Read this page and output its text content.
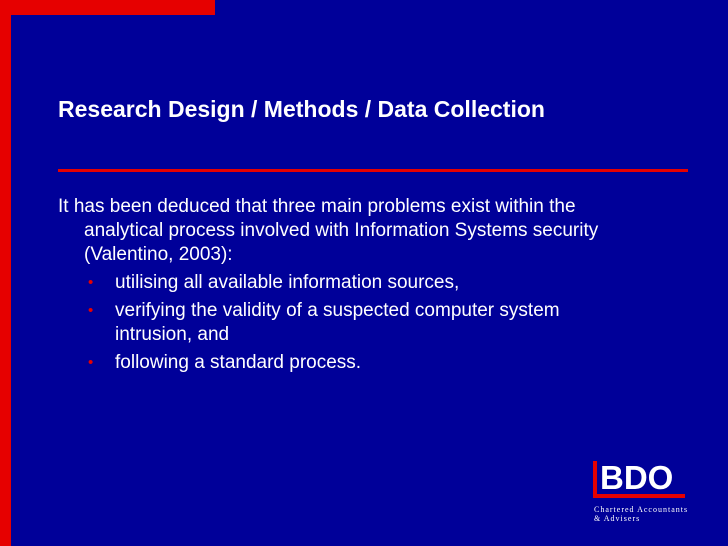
Research Design / Methods / Data Collection

It has been deduced that three main problems exist within the analytical process involved with Information Systems security (Valentino, 2003):

• utilising all available information sources,
• verifying the validity of a suspected computer system intrusion, and
• following a standard process.
BDO
Chartered Accountants
& Advisers
